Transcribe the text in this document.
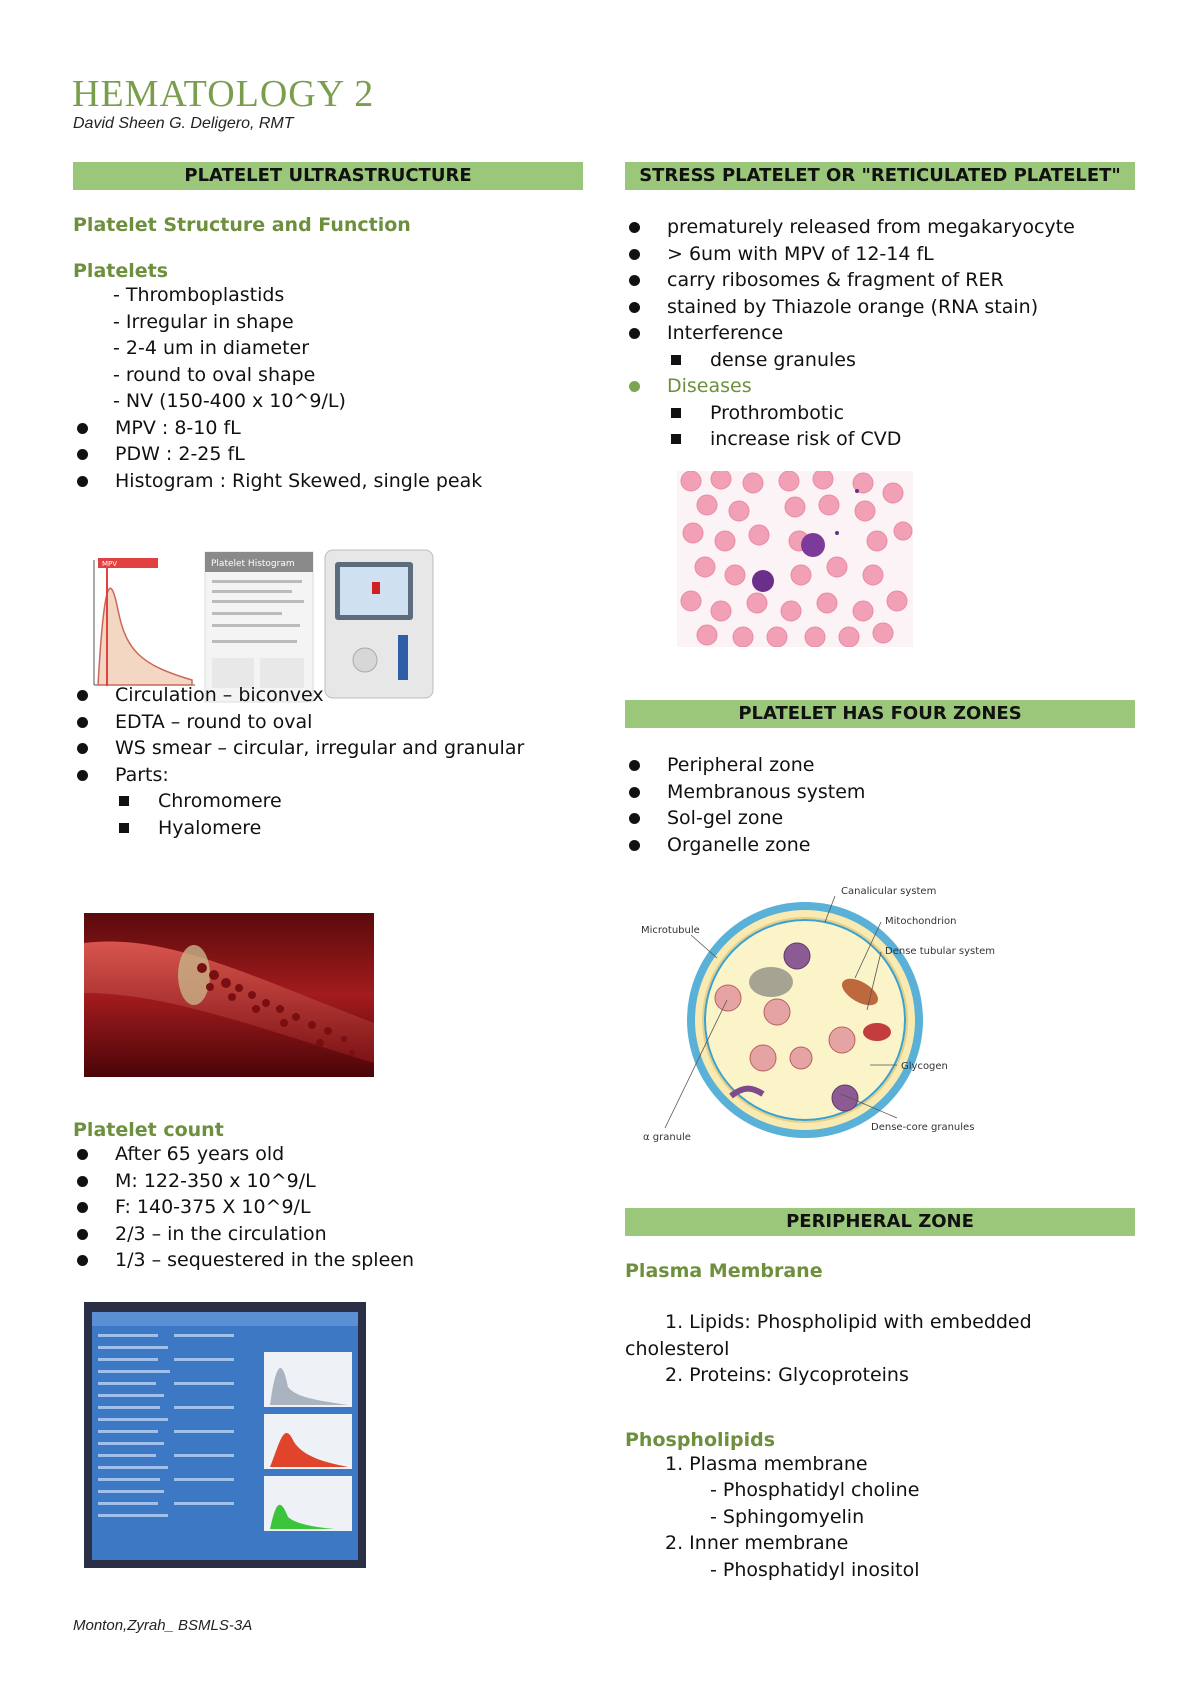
HEMATOLOGY 2
David Sheen G. Deligero, RMT
PLATELET ULTRASTRUCTURE
Platelet Structure and Function
Platelets
- Thromboplastids
- Irregular in shape
- 2-4 um in diameter
- round to oval shape
- NV (150-400 x 10^9/L)
MPV : 8-10 fL
PDW : 2-25 fL
Histogram : Right Skewed, single peak
MPV	Platelet Histogram
Circulation – biconvex
EDTA – round to oval
WS smear – circular, irregular and granular
Parts:
Chromomere
Hyalomere
Platelet count
After 65 years old
M: 122-350 x 10^9/L
F: 140-375 X 10^9/L
2/3 – in the circulation
1/3 – sequestered in the spleen
Monton,Zyrah_ BSMLS-3A
STRESS PLATELET OR "RETICULATED PLATELET"
prematurely released from megakaryocyte
> 6um with MPV of 12-14 fL
carry ribosomes & fragment of RER
stained by Thiazole orange (RNA stain)
Interference
dense granules
Diseases
Prothrombotic
increase risk of CVD
PLATELET HAS FOUR ZONES
Peripheral zone
Membranous system
Sol-gel zone
Organelle zone
Canalicular system
Mitochondrion
Microtubule
Dense tubular system
Glycogen
α granule
Dense-core granules
PERIPHERAL ZONE
Plasma Membrane
1. Lipids: Phospholipid with embedded
cholesterol
2. Proteins: Glycoproteins
Phospholipids
1. Plasma membrane
- Phosphatidyl choline
- Sphingomyelin
2. Inner membrane
- Phosphatidyl inositol
